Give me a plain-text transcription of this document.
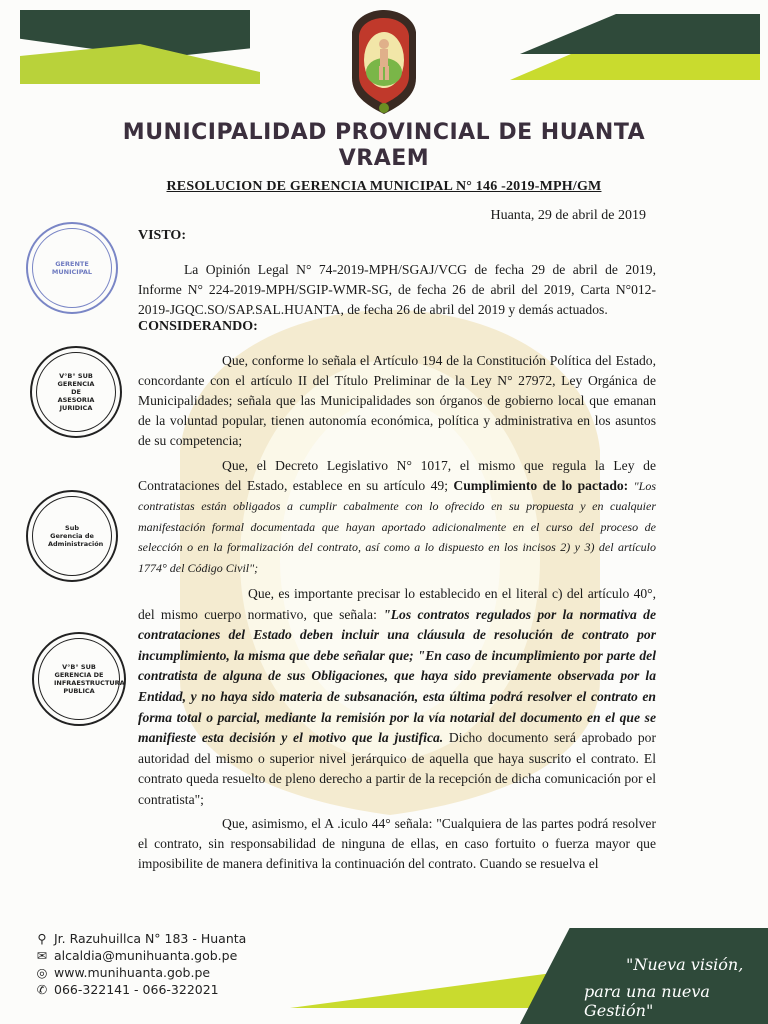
MUNICIPALIDAD PROVINCIAL DE HUANTA
VRAEM
RESOLUCION DE GERENCIA MUNICIPAL N° 146 -2019-MPH/GM
Huanta, 29 de abril de 2019
VISTO:
La Opinión Legal N° 74-2019-MPH/SGAJ/VCG de fecha 29 de abril de 2019, Informe N° 224-2019-MPH/SGIP-WMR-SG, de fecha 26 de abril del 2019, Carta N°012-2019-JGQC.SO/SAP.SAL.HUANTA, de fecha 26 de abril del 2019 y demás actuados.
CONSIDERANDO:
Que, conforme lo señala el Artículo 194 de la Constitución Política del Estado, concordante con el artículo II del Título Preliminar de la Ley N° 27972, Ley Orgánica de Municipalidades; señala que las Municipalidades son órganos de gobierno local que emanan de la voluntad popular, tienen autonomía económica, política y administrativa en los asuntos de su competencia;
Que, el Decreto Legislativo N° 1017, el mismo que regula la Ley de Contrataciones del Estado, establece en su artículo 49; Cumplimiento de lo pactado: "Los contratistas están obligados a cumplir cabalmente con lo ofrecido en su propuesta y en cualquier manifestación formal documentada que hayan aportado adicionalmente en el curso del proceso de selección o en la formalización del contrato, así como a lo dispuesto en los incisos 2) y 3) del artículo 1774° del Código Civil";
Que, es importante precisar lo establecido en el literal c) del artículo 40°, del mismo cuerpo normativo, que señala: "Los contratos regulados por la normativa de contrataciones del Estado deben incluir una cláusula de resolución de contrato por incumplimiento, la misma que debe señalar que; "En caso de incumplimiento por parte del contratista de alguna de sus Obligaciones, que haya sido previamente observada por la Entidad, y no haya sido materia de subsanación, esta última podrá resolver el contrato en forma total o parcial, mediante la remisión por la vía notarial del documento en el que se manifieste esta decisión y el motivo que la justifica. Dicho documento será aprobado por autoridad del mismo o superior nivel jerárquico de aquella que haya suscrito el contrato. El contrato queda resuelto de pleno derecho a partir de la recepción de dicha comunicación por el contratista";
Que, asimismo, el A .iculo 44° señala: "Cualquiera de las partes podrá resolver el contrato, sin responsabilidad de ninguna de ellas, en caso fortuito o fuerza mayor que imposibilite de manera definitiva la continuación del contrato. Cuando se resuelva el
GERENTE MUNICIPAL
V°B° SUB GERENCIA DE ASESORIA JURIDICA
Sub Gerencia de Administración
V°B° SUB GERENCIA DE INFRAESTRUCTURA PUBLICA
⚲ Jr. Razuhuillca N° 183 - Huanta
✉ alcaldia@munihuanta.gob.pe
◎ www.munihuanta.gob.pe
✆ 066-322141 - 066-322021
"Nueva visión,
para una nueva Gestión"
